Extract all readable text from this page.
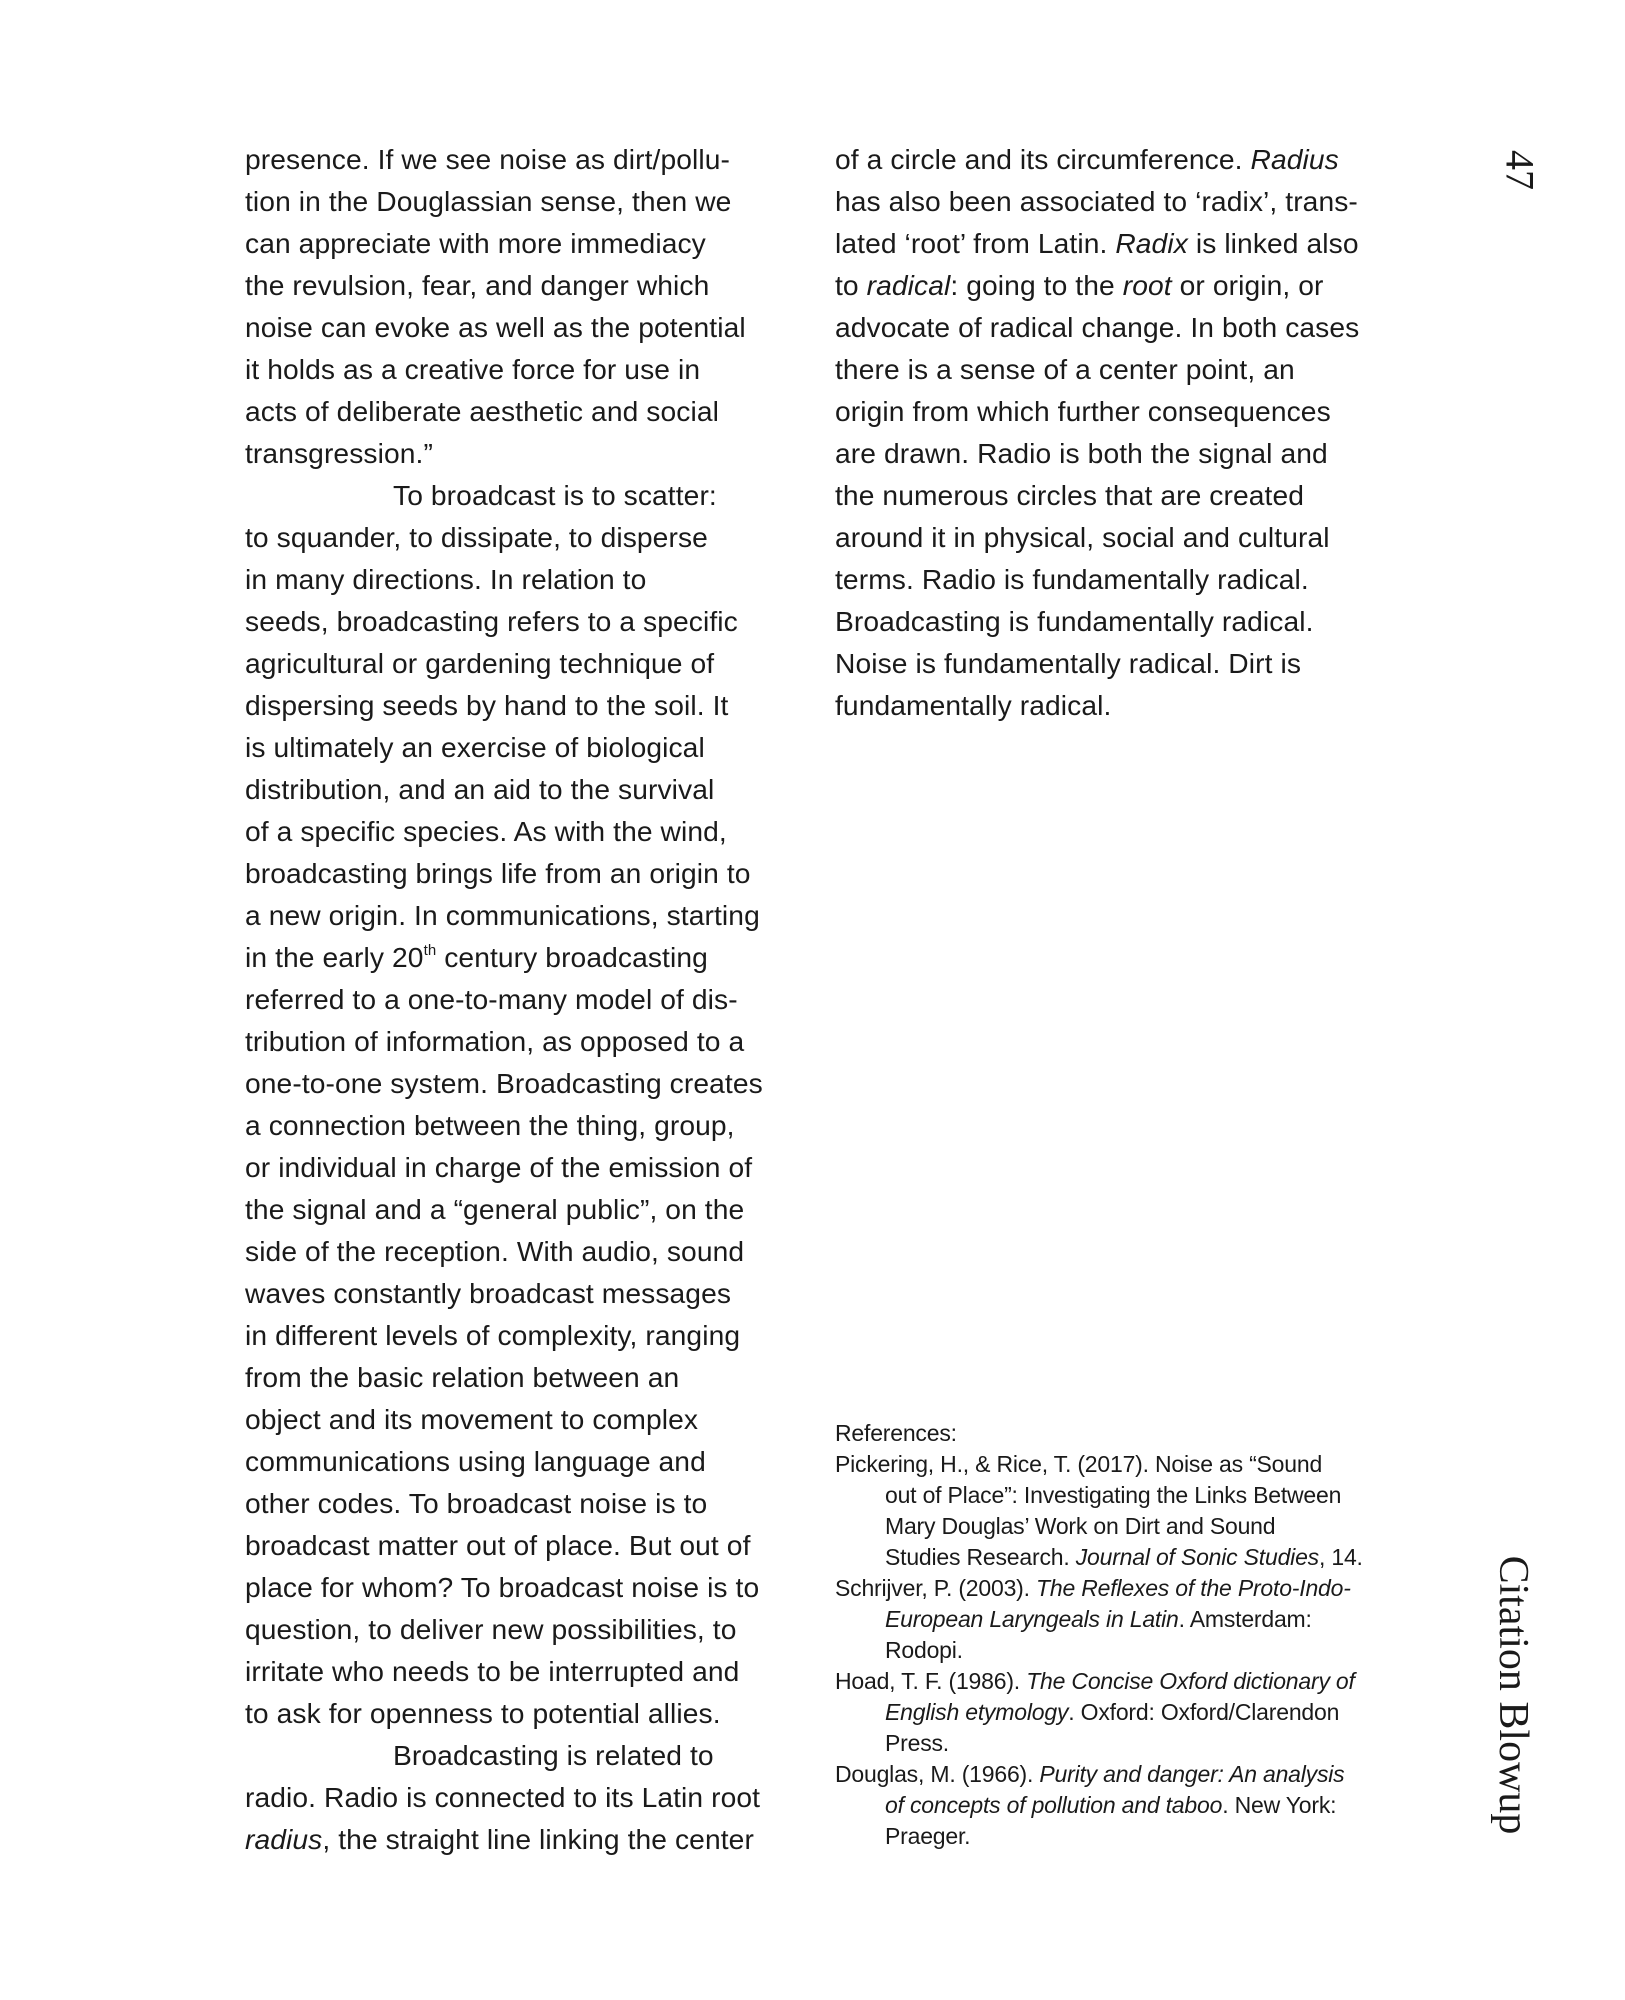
presence. If we see noise as dirt/pollu-
tion in the Douglassian sense, then we
can appreciate with more immediacy
the revulsion, fear, and danger which
noise can evoke as well as the potential
it holds as a creative force for use in
acts of deliberate aesthetic and social
transgression.”
To broadcast is to scatter:
to squander, to dissipate, to disperse
in many directions. In relation to
seeds, broadcasting refers to a specific
agricultural or gardening technique of
dispersing seeds by hand to the soil. It
is ultimately an exercise of biological
distribution, and an aid to the survival
of a specific species. As with the wind,
broadcasting brings life from an origin to
a new origin. In communications, starting
in the early 20th century broadcasting
referred to a one-to-many model of dis-
tribution of information, as opposed to a
one-to-one system. Broadcasting creates
a connection between the thing, group,
or individual in charge of the emission of
the signal and a “general public”, on the
side of the reception. With audio, sound
waves constantly broadcast messages
in different levels of complexity, ranging
from the basic relation between an
object and its movement to complex
communications using language and
other codes. To broadcast noise is to
broadcast matter out of place. But out of
place for whom? To broadcast noise is to
question, to deliver new possibilities, to
irritate who needs to be interrupted and
to ask for openness to potential allies.
Broadcasting is related to
radio. Radio is connected to its Latin root
radius, the straight line linking the center
of a circle and its circumference. Radius
has also been associated to ‘radix’, trans-
lated ‘root’ from Latin. Radix is linked also
to radical: going to the root or origin, or
advocate of radical change. In both cases
there is a sense of a center point, an
origin from which further consequences
are drawn. Radio is both the signal and
the numerous circles that are created
around it in physical, social and cultural
terms. Radio is fundamentally radical.
Broadcasting is fundamentally radical.
Noise is fundamentally radical. Dirt is
fundamentally radical.
References:
Pickering, H., & Rice, T. (2017). Noise as “Sound
out of Place”: Investigating the Links Between
Mary Douglas’ Work on Dirt and Sound
Studies Research. Journal of Sonic Studies, 14.
Schrijver, P. (2003). The Reflexes of the Proto-Indo-
European Laryngeals in Latin. Amsterdam:
Rodopi.
Hoad, T. F. (1986). The Concise Oxford dictionary of
English etymology. Oxford: Oxford/Clarendon
Press.
Douglas, M. (1966). Purity and danger: An analysis
of concepts of pollution and taboo. New York:
Praeger.
47
Citation Blowup
